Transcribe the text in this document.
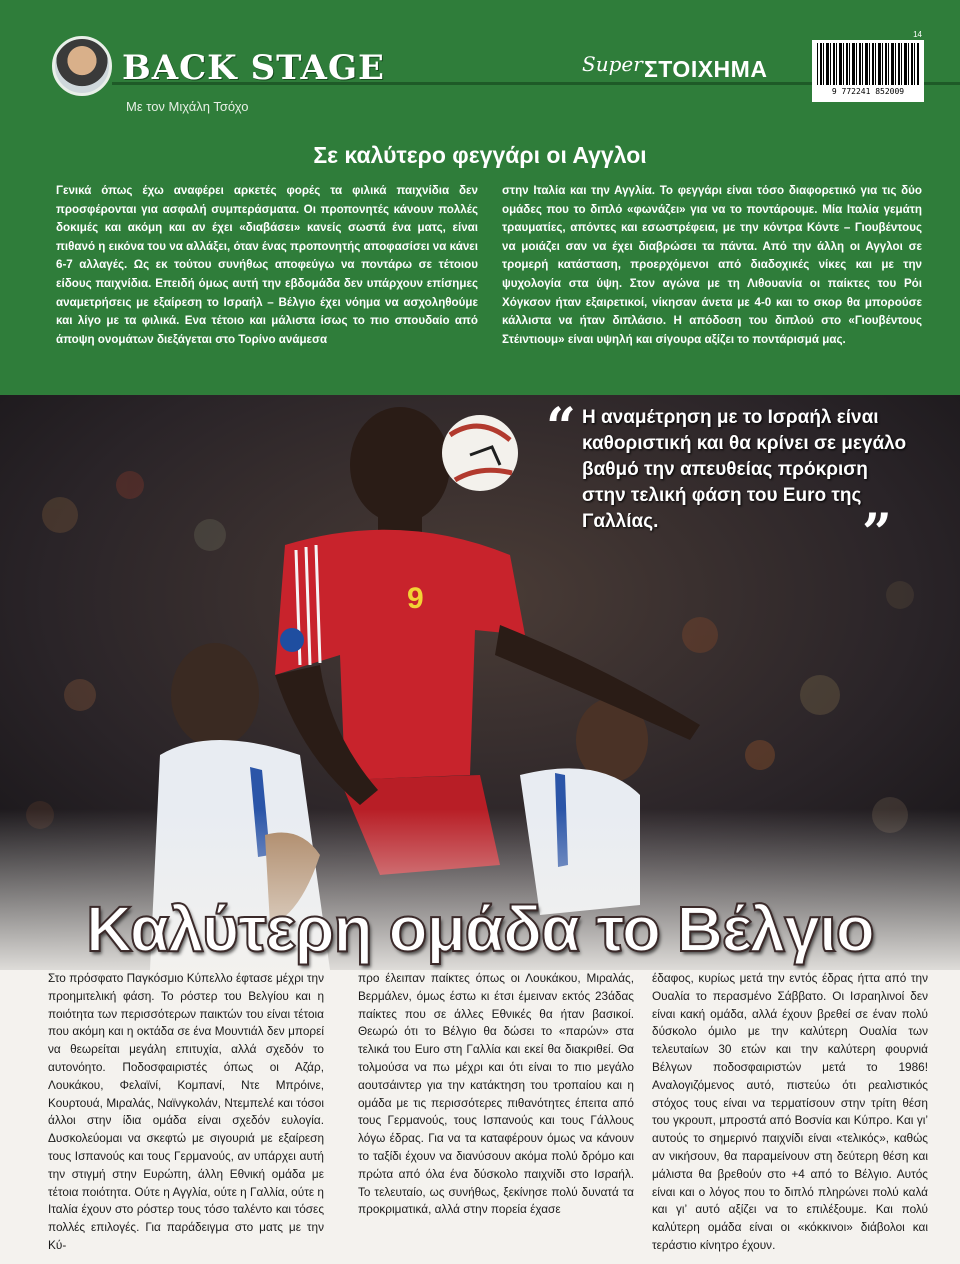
BACK STAGE
Με τον Μιχάλη Τσόχο
Super ΣΤΟΙΧΗΜΑ
9 772241 852009
14
Σε καλύτερο φεγγάρι οι Αγγλοι
Γενικά όπως έχω αναφέρει αρκετές φορές τα φιλικά παιχνίδια δεν προσφέρονται για ασφαλή συμπεράσματα. Οι προπονητές κάνουν πολλές δοκιμές και ακόμη και αν έχει «διαβάσει» κανείς σωστά ένα ματς, είναι πιθανό η εικόνα του να αλλάξει, όταν ένας προπονητής αποφασίσει να κάνει 6-7 αλλαγές. Ως εκ τούτου συνήθως αποφεύγω να ποντάρω σε τέτοιου είδους παιχνίδια. Επειδή όμως αυτή την εβδομάδα δεν υπάρχουν επίσημες αναμετρήσεις με εξαίρεση το Ισραήλ – Βέλγιο έχει νόημα να ασχοληθούμε και λίγο με τα φιλικά. Ενα τέτοιο και μάλιστα ίσως το πιο σπουδαίο από άποψη ονομάτων διεξάγεται στο Τορίνο ανάμεσα
στην Ιταλία και την Αγγλία. Το φεγγάρι είναι τόσο διαφορετικό για τις δύο ομάδες που το διπλό «φωνάζει» για να το ποντάρουμε. Μία Ιταλία γεμάτη τραυματίες, απόντες και εσωστρέφεια, με την κόντρα Κόντε – Γιουβέντους να μοιάζει σαν να έχει διαβρώσει τα πάντα. Από την άλλη οι Αγγλοι σε τρομερή κατάσταση, προερχόμενοι από διαδοχικές νίκες και με την ψυχολογία στα ύψη. Στον αγώνα με τη Λιθουανία οι παίκτες του Ρόι Χόγκσον ήταν εξαιρετικοί, νίκησαν άνετα με 4-0 και το σκορ θα μπορούσε κάλλιστα να ήταν διπλάσιο. Η απόδοση του διπλού στο «Γιουβέντους Στέιντιουμ» είναι υψηλή και σίγουρα αξίζει το ποντάρισμά μας.
9
“ Η αναμέτρηση με το Ισραήλ είναι καθοριστική και θα κρίνει σε μεγάλο βαθμό την απευθείας πρόκριση στην τελική φάση του Euro της Γαλλίας.	”
Καλύτερη ομάδα το Βέλγιο
Στο πρόσφατο Παγκόσμιο Κύπελλο έφτασε μέχρι την προημιτελική φάση. Το ρόστερ του Βελγίου και η ποιότητα των περισσότερων παικτών του είναι τέτοια που ακόμη και η οκτάδα σε ένα Μουντιάλ δεν μπορεί να θεωρείται μεγάλη επιτυχία, αλλά σχεδόν το αυτονόητο. Ποδοσφαιριστές όπως οι Αζάρ, Λουκάκου, Φελαϊνί, Κομπανί, Ντε Μπρόινε, Κουρτουά, Μιραλάς, Ναϊνγκολάν, Ντεμπελέ και τόσοι άλλοι στην ίδια ομάδα είναι σχεδόν ευλογία. Δυσκολεύομαι να σκεφτώ με σιγουριά με εξαίρεση τους Ισπανούς και τους Γερμανούς, αν υπάρχει αυτή την στιγμή στην Ευρώπη, άλλη Εθνική ομάδα με τέτοια ποιότητα. Ούτε η Αγγλία, ούτε η Γαλλία, ούτε η Ιταλία έχουν στο ρόστερ τους τόσο ταλέντο και τόσες πολλές επιλογές. Για παράδειγμα στο ματς με την Κύ-
προ έλειπαν παίκτες όπως οι Λουκάκου, Μιραλάς, Βερμάλεν, όμως έστω κι έτσι έμειναν εκτός 23άδας παίκτες που σε άλλες Εθνικές θα ήταν βασικοί. Θεωρώ ότι το Βέλγιο θα δώσει το «παρών» στα τελικά του Euro στη Γαλλία και εκεί θα διακριθεί. Θα τολμούσα να πω μέχρι και ότι είναι το πιο μεγάλο αουτσάιντερ για την κατάκτηση του τροπαίου και η ομάδα με τις περισσότερες πιθανότητες έπειτα από τους Γερμανούς, τους Ισπανούς και τους Γάλλους λόγω έδρας. Για να τα καταφέρουν όμως να κάνουν το ταξίδι έχουν να διανύσουν ακόμα πολύ δρόμο και πρώτα από όλα ένα δύσκολο παιχνίδι στο Ισραήλ. Το τελευταίο, ως συνήθως, ξεκίνησε πολύ δυνατά τα προκριματικά, αλλά στην πορεία έχασε
έδαφος, κυρίως μετά την εντός έδρας ήττα από την Ουαλία το περασμένο Σάββατο. Οι Ισραηλινοί δεν είναι κακή ομάδα, αλλά έχουν βρεθεί σε έναν πολύ δύσκολο όμιλο με την καλύτερη Ουαλία των τελευταίων 30 ετών και την καλύτερη φουρνιά Βέλγων ποδοσφαιριστών μετά το 1986! Αναλογιζόμενος αυτό, πιστεύω ότι ρεαλιστικός στόχος τους είναι να τερματίσουν στην τρίτη θέση του γκρουπ, μπροστά από Βοσνία και Κύπρο. Και γι’ αυτούς το σημερινό παιχνίδι είναι «τελικός», καθώς αν νικήσουν, θα παραμείνουν στη δεύτερη θέση και μάλιστα θα βρεθούν στο +4 από το Βέλγιο. Αυτός είναι και ο λόγος που το διπλό πληρώνει πολύ καλά και γι’ αυτό αξίζει να το επιλέξουμε. Και πολύ καλύτερη ομάδα είναι οι «κόκκινοι» διάβολοι και τεράστιο κίνητρο έχουν.
